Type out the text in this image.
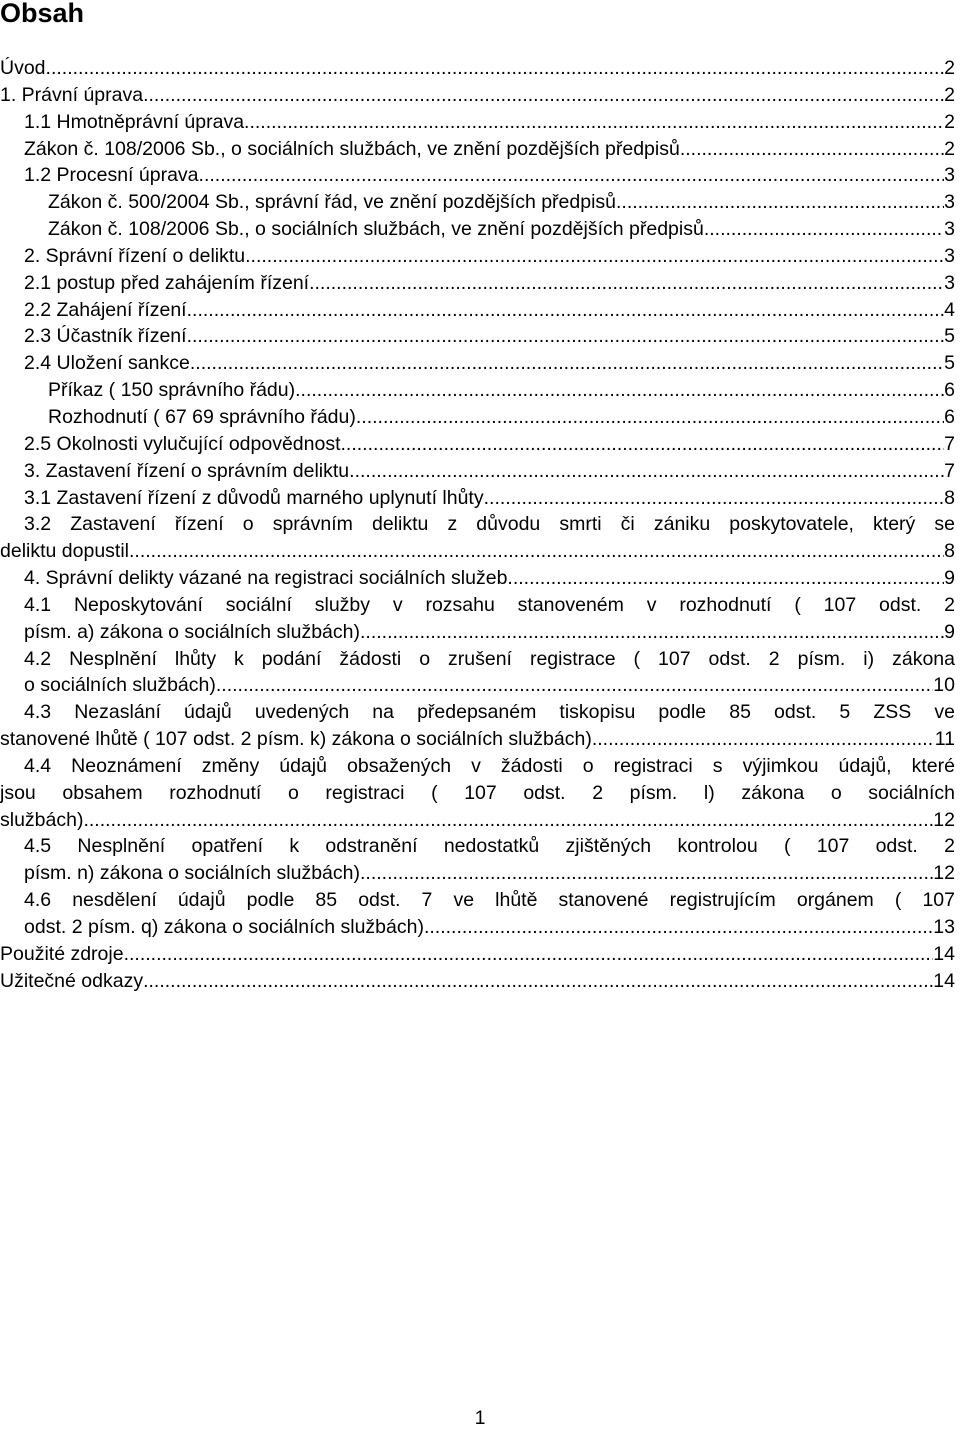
Obsah
Úvod .....	2
1. Právní úprava .....	2
1.1 Hmotněprávní úprava .....	2
Zákon č. 108/2006 Sb., o sociálních službách, ve znění pozdějších předpisů .....	2
1.2 Procesní úprava .....	3
Zákon č. 500/2004 Sb., správní řád, ve znění pozdějších předpisů .....	3
Zákon č. 108/2006 Sb., o sociálních službách, ve znění pozdějších předpisů .....	3
2. Správní řízení o deliktu .....	3
2.1 postup před zahájením řízení .....	3
2.2 Zahájení řízení .....	4
2.3 Účastník řízení .....	5
2.4 Uložení sankce .....	5
Příkaz ( 150 správního řádu) .....	6
Rozhodnutí ( 67 69 správního řádu) .....	6
2.5 Okolnosti vylučující odpovědnost .....	7
3. Zastavení řízení o správním deliktu .....	7
3.1 Zastavení řízení z důvodů marného uplynutí lhůty .....	8
3.2 Zastavení řízení o správním deliktu z důvodu smrti či zániku poskytovatele, který se
deliktu dopustil .....	8
4. Správní delikty vázané na registraci sociálních služeb .....	9
4.1 Neposkytování sociální služby v rozsahu stanoveném v rozhodnutí ( 107 odst. 2
písm. a) zákona o sociálních službách) .....	9
4.2 Nesplnění lhůty k podání žádosti o zrušení registrace ( 107 odst. 2 písm. i) zákona
o sociálních službách) .....	10
4.3 Nezaslání údajů uvedených na předepsaném tiskopisu podle 85 odst. 5 ZSS ve
stanovené lhůtě ( 107 odst. 2 písm. k) zákona o sociálních službách) .....	11
4.4 Neoznámení změny údajů obsažených v žádosti o registraci s výjimkou údajů, které
jsou obsahem rozhodnutí o registraci ( 107 odst. 2 písm. l) zákona o sociálních
službách) .....	12
4.5 Nesplnění opatření k odstranění nedostatků zjištěných kontrolou ( 107 odst. 2
písm. n) zákona o sociálních službách) .....	12
4.6 nesdělení údajů podle 85 odst. 7 ve lhůtě stanovené registrujícím orgánem ( 107
odst. 2 písm. q) zákona o sociálních službách) .....	13
Použité zdroje .....	14
Užitečné odkazy .....	14
1
